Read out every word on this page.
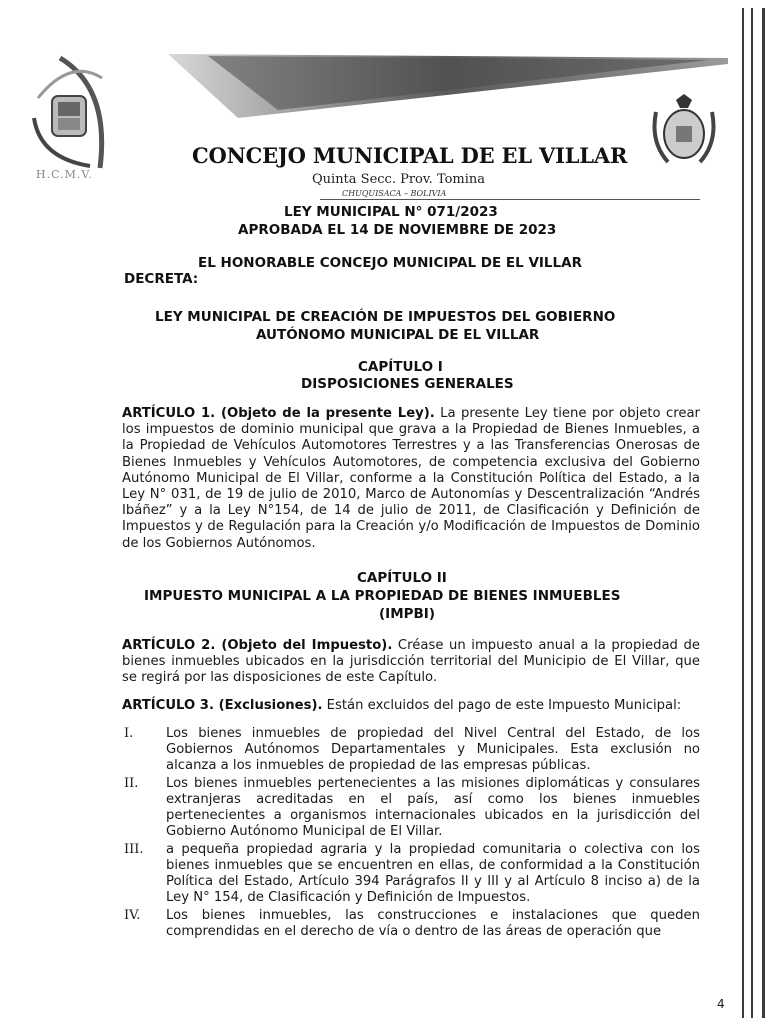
H.C.M.V.
CONCEJO MUNICIPAL DE EL VILLAR
Quinta Secc. Prov. Tomina
CHUQUISACA – BOLIVIA
LEY MUNICIPAL N° 071/2023
APROBADA EL 14 DE NOVIEMBRE DE 2023
EL HONORABLE CONCEJO MUNICIPAL DE EL VILLAR
DECRETA:
LEY MUNICIPAL DE CREACIÓN DE IMPUESTOS DEL GOBIERNO
AUTÓNOMO MUNICIPAL DE EL VILLAR
CAPÍTULO I
DISPOSICIONES GENERALES
ARTÍCULO 1. (Objeto de la presente Ley). La presente Ley tiene por objeto crear los impuestos de dominio municipal que grava a la Propiedad de Bienes Inmuebles, a la Propiedad de Vehículos Automotores Terrestres y a las Transferencias Onerosas de Bienes Inmuebles y Vehículos Automotores, de competencia exclusiva del Gobierno Autónomo Municipal de El Villar, conforme a la Constitución Política del Estado, a la Ley N° 031, de 19 de julio de 2010, Marco de Autonomías y Descentralización “Andrés Ibáñez” y a la Ley N°154, de 14 de julio de 2011, de Clasificación y Definición de Impuestos y de Regulación para la Creación y/o Modificación de Impuestos de Dominio de los Gobiernos Autónomos.
CAPÍTULO II
IMPUESTO MUNICIPAL A LA PROPIEDAD DE BIENES INMUEBLES
(IMPBI)
ARTÍCULO 2. (Objeto del Impuesto). Créase un impuesto anual a la propiedad de bienes inmuebles ubicados en la jurisdicción territorial del Municipio de El Villar, que se regirá por las disposiciones de este Capítulo.
ARTÍCULO 3. (Exclusiones). Están excluidos del pago de este Impuesto Municipal:
I.	Los bienes inmuebles de propiedad del Nivel Central del Estado, de los Gobiernos Autónomos Departamentales y Municipales. Esta exclusión no alcanza a los inmuebles de propiedad de las empresas públicas.
II.	Los bienes inmuebles pertenecientes a las misiones diplomáticas y consulares extranjeras acreditadas en el país, así como los bienes inmuebles pertenecientes a organismos internacionales ubicados en la jurisdicción del Gobierno Autónomo Municipal de El Villar.
III.	a pequeña propiedad agraria y la propiedad comunitaria o colectiva con los bienes inmuebles que se encuentren en ellas, de conformidad a la Constitución Política del Estado, Artículo 394 Parágrafos II y III y al Artículo 8 inciso a) de la Ley N° 154, de Clasificación y Definición de Impuestos.
IV.	Los bienes inmuebles, las construcciones e instalaciones que queden comprendidas en el derecho de vía o dentro de las áreas de operación que
4
